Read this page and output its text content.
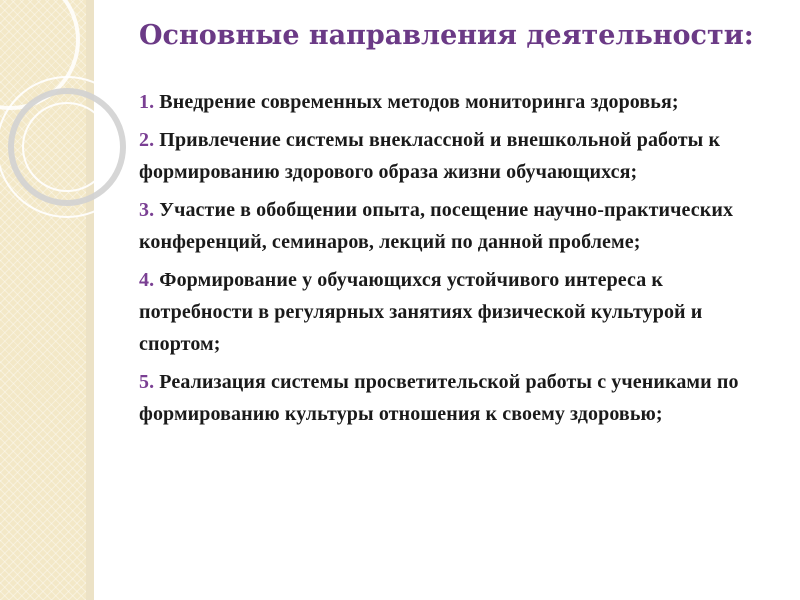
Основные направления деятельности:
1. Внедрение современных методов мониторинга здоровья;
2. Привлечение системы внеклассной и внешкольной работы к формированию здорового образа жизни обучающихся;
3. Участие в обобщении опыта, посещение научно-практических конференций, семинаров, лекций по данной проблеме;
4. Формирование у обучающихся устойчивого интереса к потребности в регулярных занятиях физической культурой и спортом;
5. Реализация системы просветительской работы с учениками по формированию культуры отношения к своему здоровью;
